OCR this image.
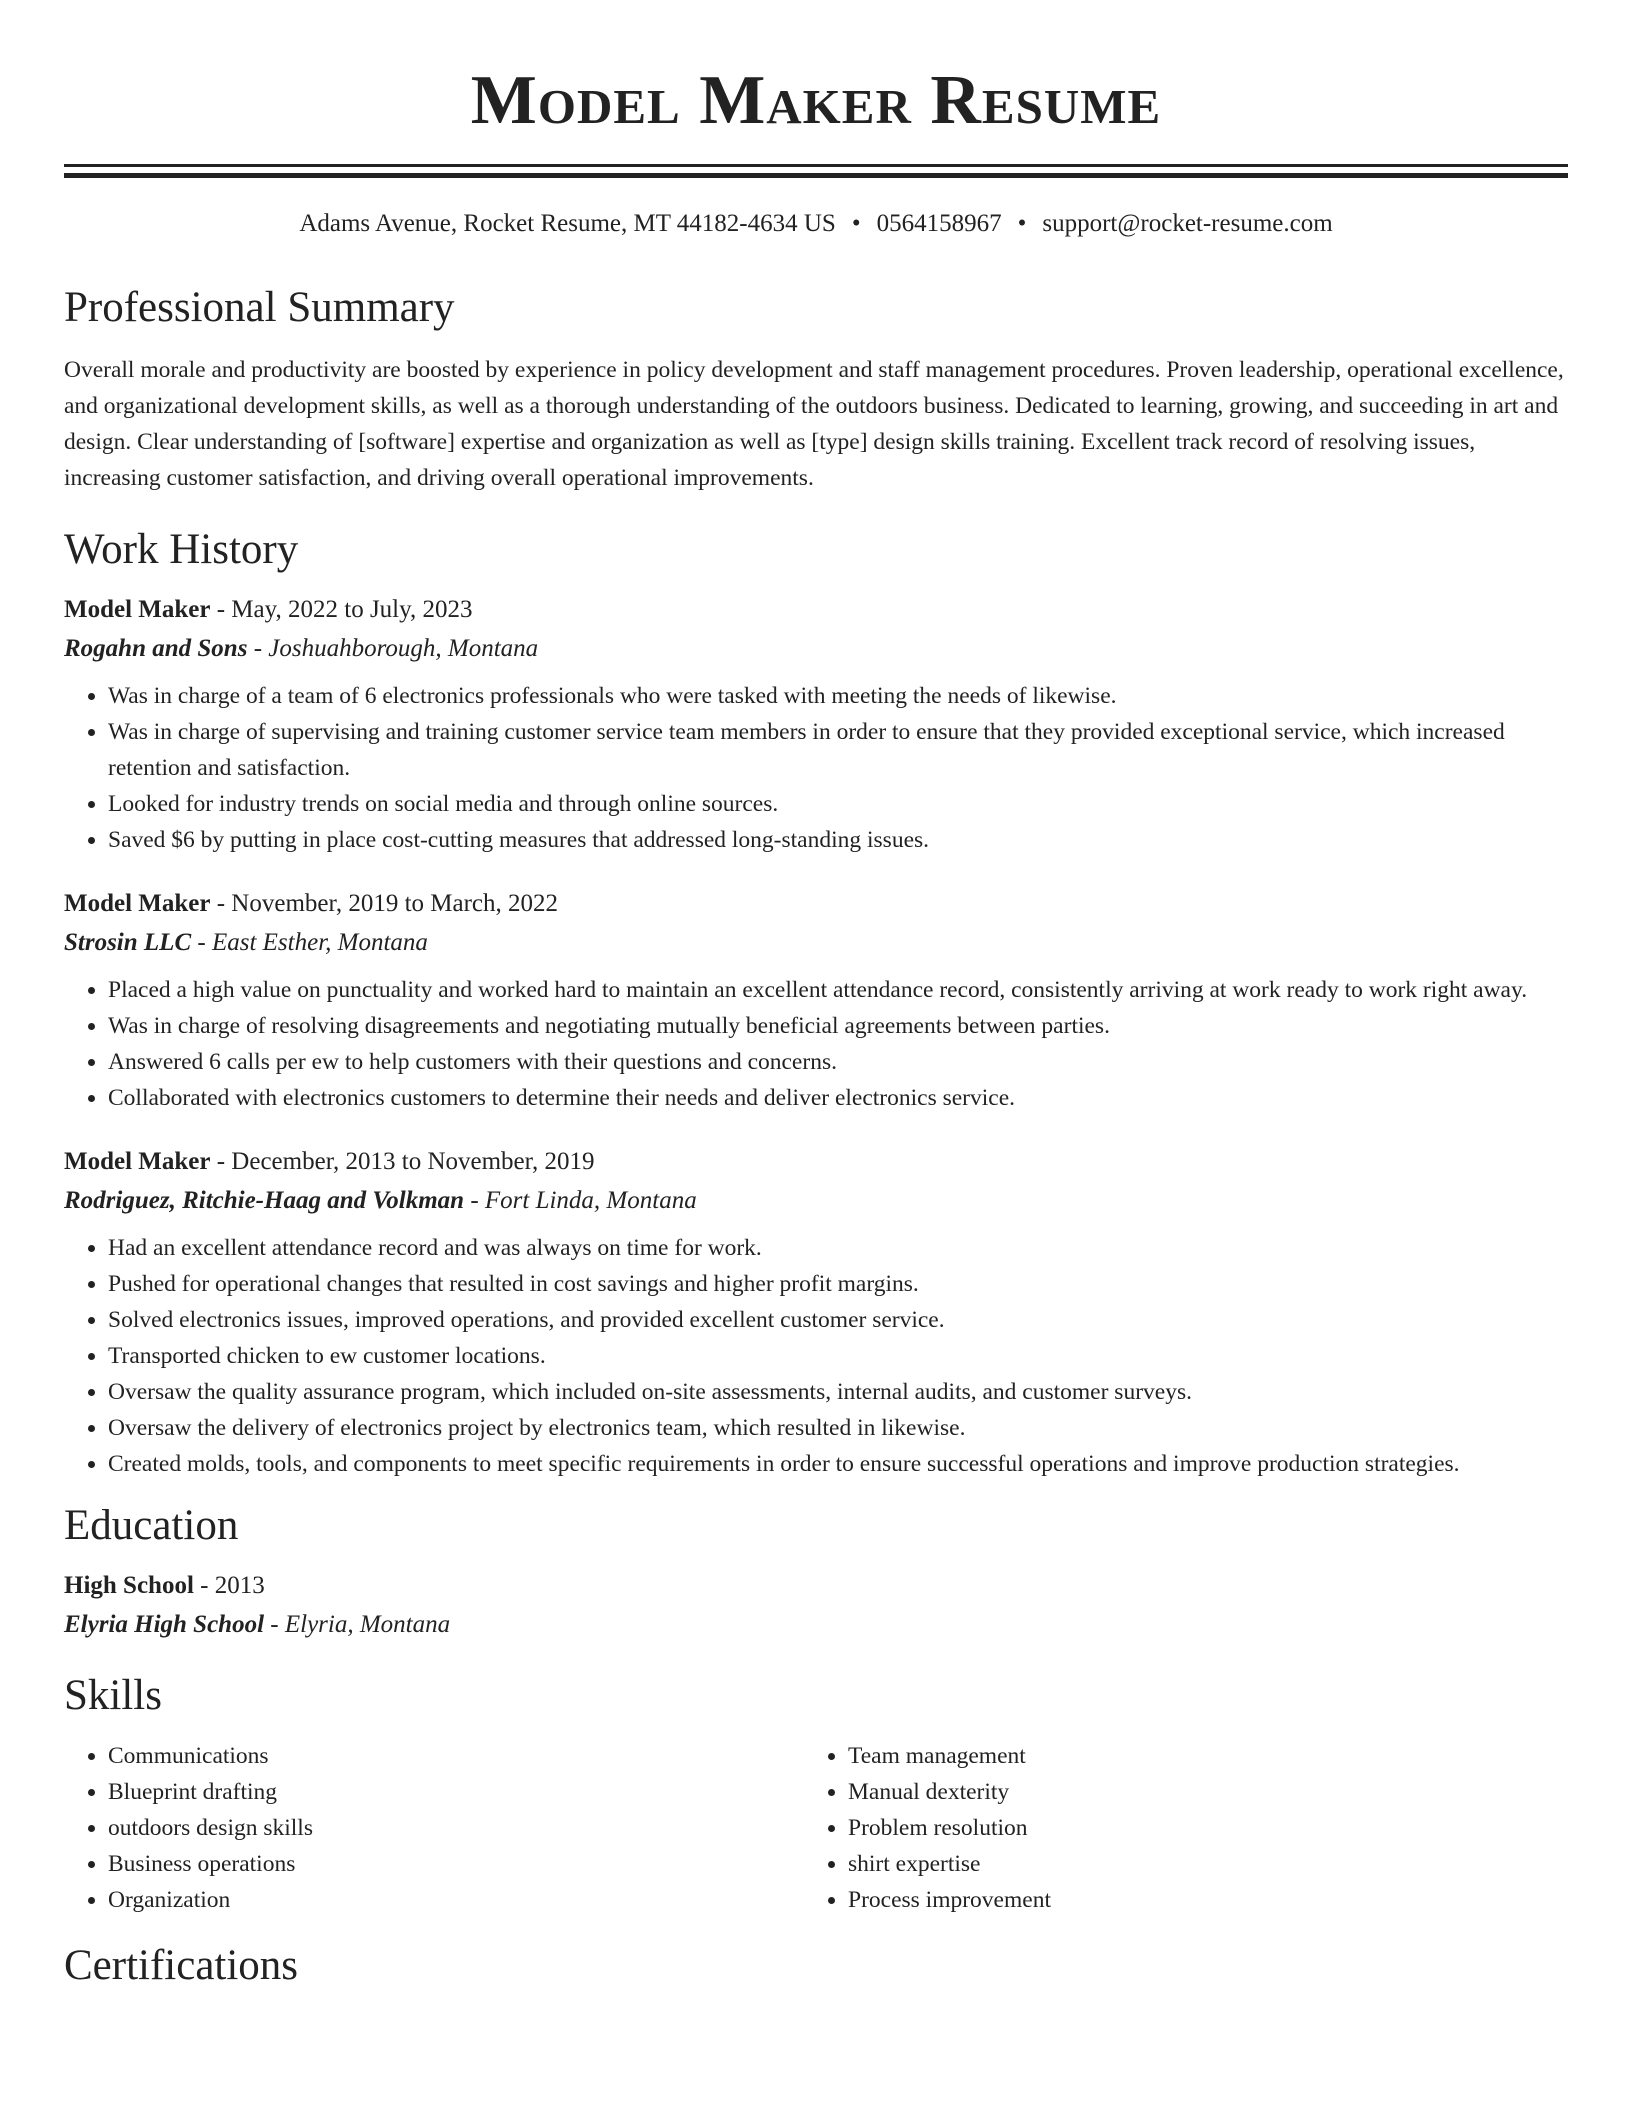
Model Maker Resume
Adams Avenue, Rocket Resume, MT 44182-4634 US • 0564158967 • support@rocket-resume.com
Professional Summary

Overall morale and productivity are boosted by experience in policy development and staff management procedures. Proven leadership, operational excellence, and organizational development skills, as well as a thorough understanding of the outdoors business. Dedicated to learning, growing, and succeeding in art and design. Clear understanding of [software] expertise and organization as well as [type] design skills training. Excellent track record of resolving issues, increasing customer satisfaction, and driving overall operational improvements.

Work History
Model Maker - May, 2022 to July, 2023
Rogahn and Sons - Joshuahborough, Montana
• Was in charge of a team of 6 electronics professionals who were tasked with meeting the needs of likewise.
• Was in charge of supervising and training customer service team members in order to ensure that they provided exceptional service, which increased retention and satisfaction.
• Looked for industry trends on social media and through online sources.
• Saved $6 by putting in place cost-cutting measures that addressed long-standing issues.
Model Maker - November, 2019 to March, 2022
Strosin LLC - East Esther, Montana
• Placed a high value on punctuality and worked hard to maintain an excellent attendance record, consistently arriving at work ready to work right away.
• Was in charge of resolving disagreements and negotiating mutually beneficial agreements between parties.
• Answered 6 calls per ew to help customers with their questions and concerns.
• Collaborated with electronics customers to determine their needs and deliver electronics service.
Model Maker - December, 2013 to November, 2019
Rodriguez, Ritchie-Haag and Volkman - Fort Linda, Montana
• Had an excellent attendance record and was always on time for work.
• Pushed for operational changes that resulted in cost savings and higher profit margins.
• Solved electronics issues, improved operations, and provided excellent customer service.
• Transported chicken to ew customer locations.
• Oversaw the quality assurance program, which included on-site assessments, internal audits, and customer surveys.
• Oversaw the delivery of electronics project by electronics team, which resulted in likewise.
• Created molds, tools, and components to meet specific requirements in order to ensure successful operations and improve production strategies.
Education
High School - 2013
Elyria High School - Elyria, Montana
Skills
• Communications
• Blueprint drafting
• outdoors design skills
• Business operations
• Organization
• Team management
• Manual dexterity
• Problem resolution
• shirt expertise
• Process improvement
Certifications
